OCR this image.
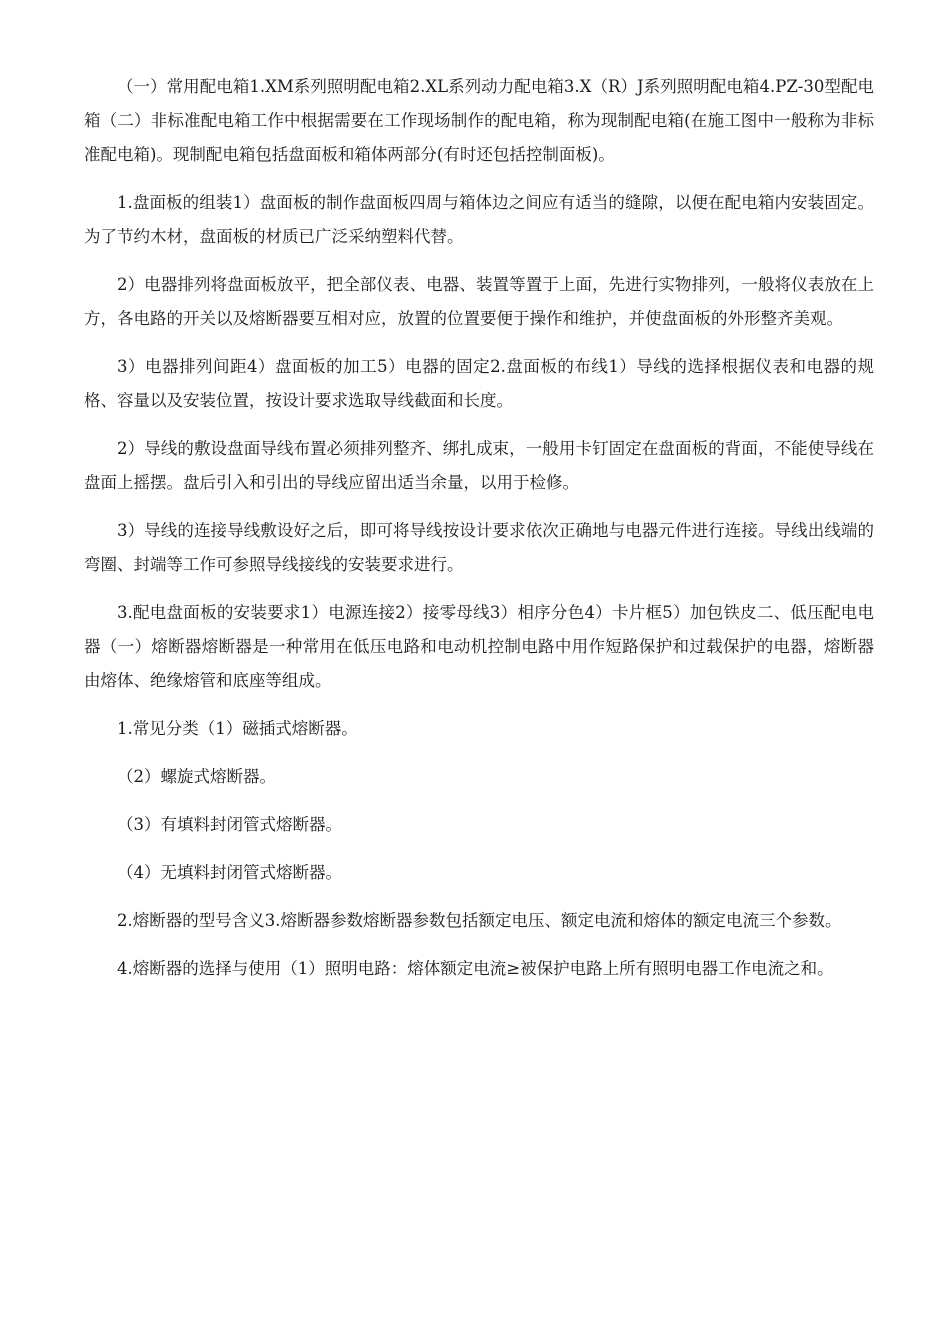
（一）常用配电箱1.XM系列照明配电箱2.XL系列动力配电箱3.X（R）J系列照明配电箱4.PZ-30型配电箱（二）非标准配电箱工作中根据需要在工作现场制作的配电箱，称为现制配电箱(在施工图中一般称为非标准配电箱)。现制配电箱包括盘面板和箱体两部分(有时还包括控制面板)。

1.盘面板的组装1）盘面板的制作盘面板四周与箱体边之间应有适当的缝隙，以便在配电箱内安装固定。为了节约木材，盘面板的材质已广泛采纳塑料代替。

2）电器排列将盘面板放平，把全部仪表、电器、装置等置于上面，先进行实物排列，一般将仪表放在上方，各电路的开关以及熔断器要互相对应，放置的位置要便于操作和维护，并使盘面板的外形整齐美观。

3）电器排列间距4）盘面板的加工5）电器的固定2.盘面板的布线1）导线的选择根据仪表和电器的规格、容量以及安装位置，按设计要求选取导线截面和长度。

2）导线的敷设盘面导线布置必须排列整齐、绑扎成束，一般用卡钉固定在盘面板的背面，不能使导线在盘面上摇摆。盘后引入和引出的导线应留出适当余量，以用于检修。

3）导线的连接导线敷设好之后，即可将导线按设计要求依次正确地与电器元件进行连接。导线出线端的弯圈、封端等工作可参照导线接线的安装要求进行。

3.配电盘面板的安装要求1）电源连接2）接零母线3）相序分色4）卡片框5）加包铁皮二、低压配电电器（一）熔断器熔断器是一种常用在低压电路和电动机控制电路中用作短路保护和过载保护的电器，熔断器由熔体、绝缘熔管和底座等组成。

1.常见分类（1）磁插式熔断器。

（2）螺旋式熔断器。

（3）有填料封闭管式熔断器。

（4）无填料封闭管式熔断器。

2.熔断器的型号含义3.熔断器参数熔断器参数包括额定电压、额定电流和熔体的额定电流三个参数。

4.熔断器的选择与使用（1）照明电路：熔体额定电流≥被保护电路上所有照明电器工作电流之和。
